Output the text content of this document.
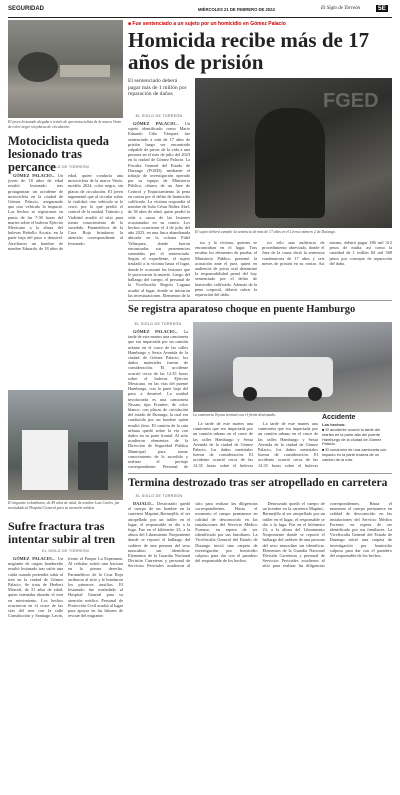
SEGURIDAD	MIÉRCOLES 21 DE FEBRERO DE 2024	El Siglo de Torreón	5E
El joven lesionado alegaba a través de que motociclista de la marca Vento de color negro sin placas de circulación.
Motociclista queda lesionado tras percance
EL SIGLO DE TORREÓN

GÓMEZ PALACIO.– Un joven de 18 años de edad resultó lesionado tras protagonizar un accidente de motocicleta en la ciudad de Gómez Palacio, asegurando que otro vehículo lo impactó. Los hechos se registraron en punto de las 7:30 horas del martes sobre el bulevar Ejército Mexicano a la altura del bulevar Rebollo Acosta, en la parte baja del paso a desnivel. Auxiliaron un hombre de nombre Eduardo, de 18 años de edad, quien conducía una motocicleta de la marca Vento, modelo 2024, color negro, sin placas de circulación. El joven argumentó que al circular sobre la vialidad, otro vehículo se le cerró, por lo que perdió el control de la unidad. Tránsito y Vialidad acudió al sitio para tomar conocimiento de lo sucedido. Paramédicos de la Cruz Roja brindaron la atención correspondiente al lesionado.

■ Fue sentenciado a un sujeto por un homicidio en Gómez Palacio
Homicida recibe más de 17 años de prisión
El sentenciado deberá pagar más de 1 millón por reparación de daños
EL SIGLO DE TORREÓN

GÓMEZ PALACIO.– Un sujeto identificado como Mario Eduardo Cilio Vázquez fue sentenciado a más de 17 años de prisión luego ser encontrado culpable de privar de la vida a una persona en el mes de julio del 2023 en la ciudad de Gómez Palacio. La Fiscalía General del Estado de Durango (FGED), mediante el trabajo de investigación operado por su equipo de Ministerio Público, obtuvo de un Juez de Control y Enjuiciamiento la pena en contra por el delito de homicidio calificado. La víctima respondía al nombre de Julio César Núñez Abel, de 38 años de edad, quien perdió la vida a causa de las lesiones ocasionadas en su contra. Los hechos ocurrieron el 4 de julio del año 2023, en una finca abandonada ubicada en la colonia Fidel Velázquez, donde fueron encontradas sus pertenencias sustraídas por el sentenciado. Según el expediente, el sujeto trasladó a la víctima hasta el lugar, donde le ocasionó las lesiones que le provocaron la muerte. Luego del hallazgo del cuerpo, el personal de la Vicefiscalía Región Laguna acudió al lugar, donde se iniciaron las investigaciones. Elementos de la

FGED
El sujeto deberá cumplir la sentencia de más de 17 años en el Cereso número 2 de Durango.

tos y la víctima, quienes se encontraban en el lugar. Tras recabar los elementos de prueba, el Ministerio Público presentó la acusación ante el juez, quien en audiencia de juicio oral determinó la responsabilidad penal del hoy sentenciado por el delito de homicidio calificado. Además de la pena corporal, deberá cubrir la reparación del daño.

rio sólo una audiencia de procedimiento abreviado, donde el Juez de la causa dictó la sentencia condenatoria de 17 años y seis meses de prisión en su contra. Así mismo, deberá pagar 186 mil 312 pesos de multa, así como la cantidad de 1 millón 84 mil 568 pesos por concepto de reparación del daño.

Se registra aparatoso choque en puente Hamburgo
EL SIGLO DE TORREÓN

GÓMEZ PALACIO.– La tarde de este martes una camioneta que era impactada por un camión urbano en el cruce de las calles Hamburgo y Sexta Avenida de la ciudad de Gómez Palacio, los daños materiales fueron de consideración. El accidente ocurrió cerca de las 12:35 horas sobre el bulevar Ejército Mexicano, en las vías del puente Hamburgo, con la parte baja del paso a desnivel. La unidad involucrada es una camioneta Nissan, tipo Frontier, de color blanco, con placas de circulación del estado de Durango, la cual era conducida por un hombre quien resultó ileso. El camión de la ruta urbana quedó sobre la vía con daños en su parte frontal. Al sitio acudieron elementos de la Dirección de Seguridad Pública Municipal para tomar conocimiento de lo sucedido y realizar el peritaje correspondiente. Personal de

La camioneta Toyota terminó con el frente destrozado.

La tarde de este martes una camioneta que era impactada por un camión urbano en el cruce de las calles Hamburgo y Sexta Avenida de la ciudad de Gómez Palacio, los daños materiales fueron de consideración. El accidente ocurrió cerca de las 12:35 horas sobre el bulevar

La tarde de este martes una camioneta que era impactada por un camión urbano en el cruce de las calles Hamburgo y Sexta Avenida de la ciudad de Gómez Palacio, los daños materiales fueron de consideración. El accidente ocurrió cerca de las 12:35 horas sobre el bulevar

Accidente
Los hechos:
■ El accidente ocurrió la tarde del martes en la parte alta del puente Hamburgo de la ciudad de Gómez Palacio.
■ El conductor de una camioneta con impacto en la parte trasera de un camión de la ruta.
El migrante colombiano, de 49 años de edad, de nombre Luis Carlos, fue trasladado al Hospital General para su atención médica.
Sufre fractura tras intentar subir al tren
EL SIGLO DE TORREÓN

GÓMEZ PALACIO.– Un migrante de origen hondureño resultó lesionado tras sufrir una caída cuando pretendía subir al tren en la ciudad de Gómez Palacio. Se trata de Herbert Marcial, de 31 años de edad, quien intentaba abordar el tren en movimiento. Los hechos ocurrieron en el cruce de las vías del tren con la calle Constitución y Santiago Lavín, frente al Parque La Esperanza. Al resbalar sufrió una fractura en la pierna derecha. Paramédicos de la Cruz Roja arribaron al sitio y le brindaron los primeros auxilios. El lesionado fue trasladado al Hospital General para su atención médica. Personal de Protección Civil acudió al lugar para apoyar en las labores de rescate del migrante.

Termina destrozado tras ser atropellado en carretera
EL SIGLO DE TORREÓN

DAJALO.– Destrozado quedó el cuerpo de un hombre en la carretera Mapimí–Bermejillo al ser atropellado por un tráiler en el lugar, el responsable se dio a la fuga. Fue en el kilómetro 23, a la altura del Libramiento Norponiente donde se reportó el hallazgo del cadáver de una persona del sexo masculino sin identificar. Elementos de la Guardia Nacional División Carreteras y personal de Servicios Periciales acudieron al sitio para realizar las diligencias correspondientes. Hasta el momento el cuerpo permanece en calidad de desconocido en las instalaciones del Servicio Médico Forense, en espera de ser identificado por sus familiares. La Vicefiscalía General del Estado de Durango inició una carpeta de investigación por homicidio culposo para dar con el paradero del responsable de los hechos.

Destrozado quedó el cuerpo de un hombre en la carretera Mapimí–Bermejillo al ser atropellado por un tráiler en el lugar, el responsable se dio a la fuga. Fue en el kilómetro 23, a la altura del Libramiento Norponiente donde se reportó el hallazgo del cadáver de una persona del sexo masculino sin identificar. Elementos de la Guardia Nacional División Carreteras y personal de Servicios Periciales acudieron al sitio para realizar las diligencias correspondientes. Hasta el momento el cuerpo permanece en calidad de desconocido en las instalaciones del Servicio Médico Forense, en espera de ser identificado por sus familiares. La Vicefiscalía General del Estado de Durango inició una carpeta de investigación por homicidio culposo para dar con el paradero del responsable de los hechos.
